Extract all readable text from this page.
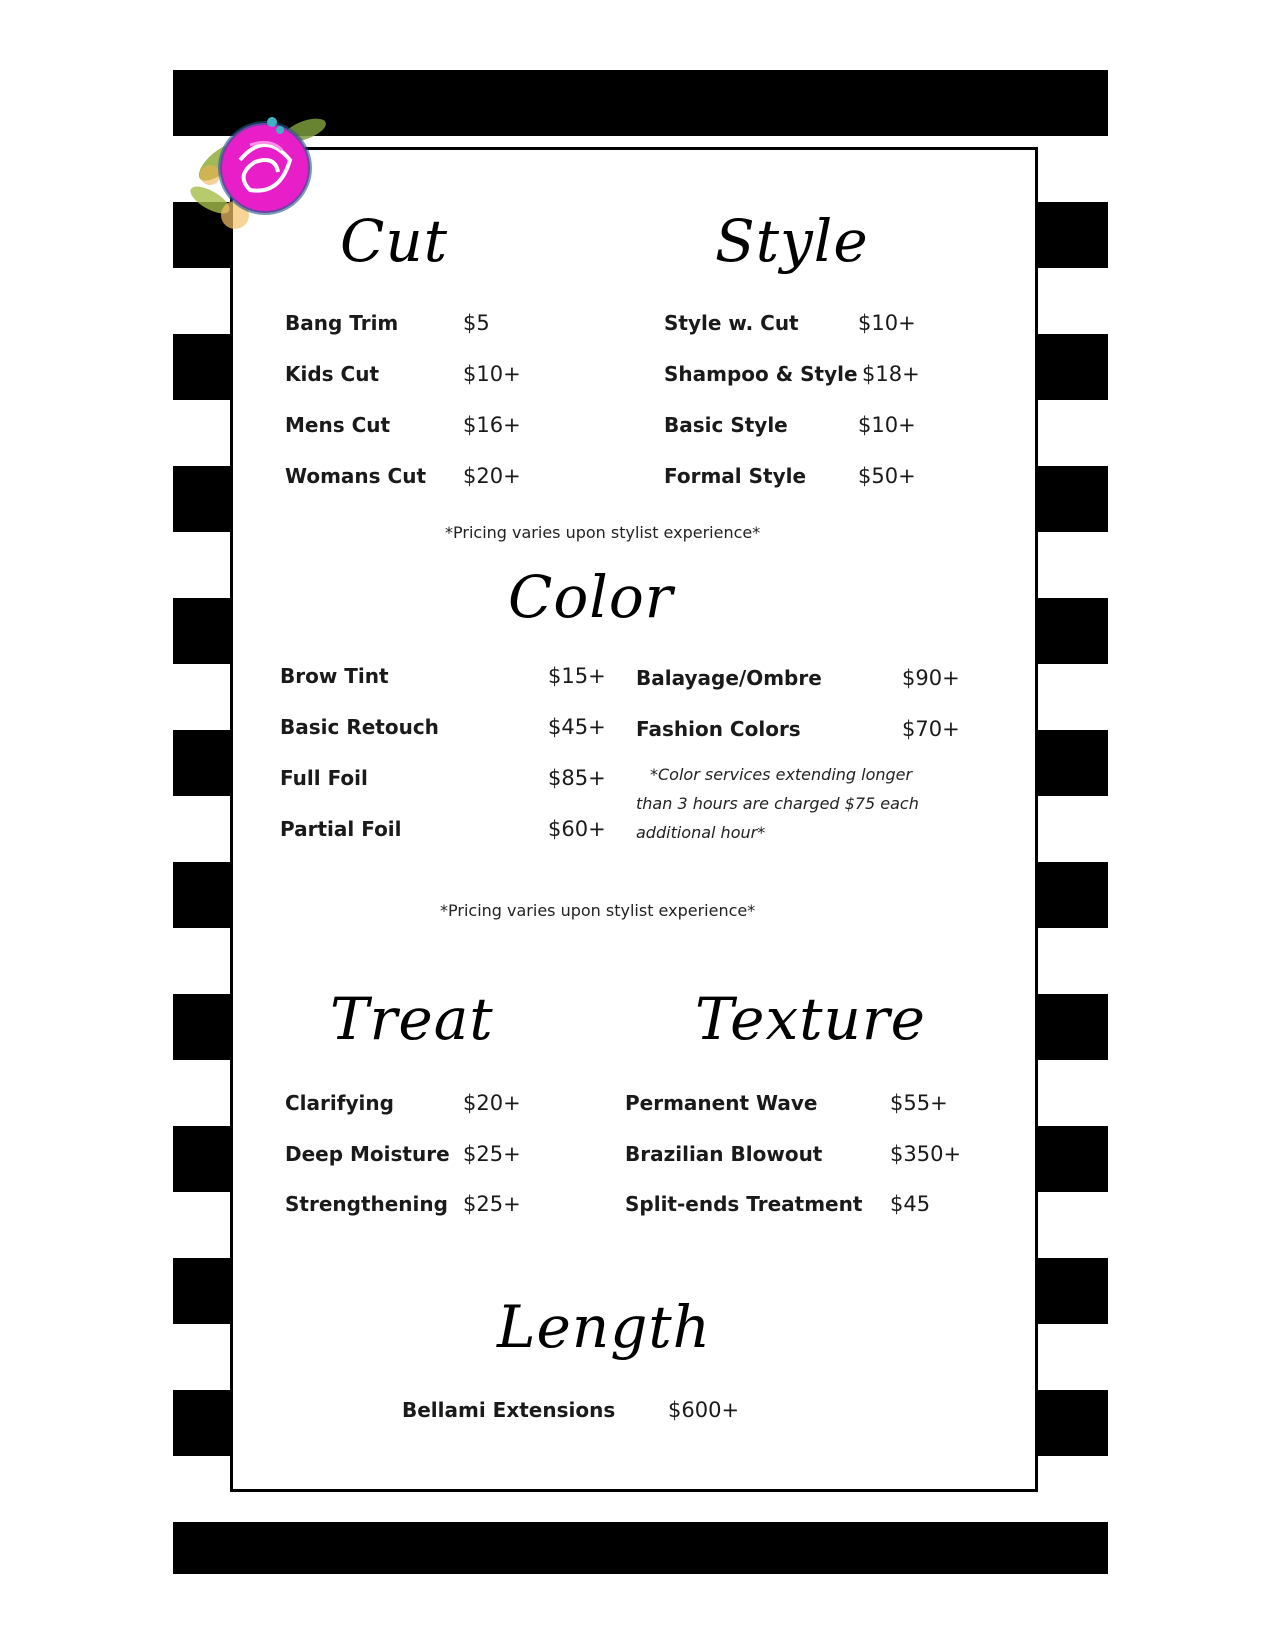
Cut
Bang Trim	$5
Kids Cut	$10+
Mens Cut	$16+
Womans Cut $20+
Style
Style w. Cut	$10+
Shampoo & Style $18+
Basic Style	$10+
Formal Style $50+
*Pricing varies upon stylist experience*
Color
Brow Tint	$15+
Basic Retouch	$45+
Full Foil	$85+
Partial Foil	$60+
Balayage/Ombre	$90+
Fashion Colors	$70+
*Color services extending longer
than 3 hours are charged $75 each
additional hour*
*Pricing varies upon stylist experience*
Treat
Clarifying	$20+
Deep Moisture $25+
Strengthening $25+
Texture
Permanent Wave	$55+
Brazilian Blowout	$350+
Split-ends Treatment $45
Length
Bellami Extensions	$600+
